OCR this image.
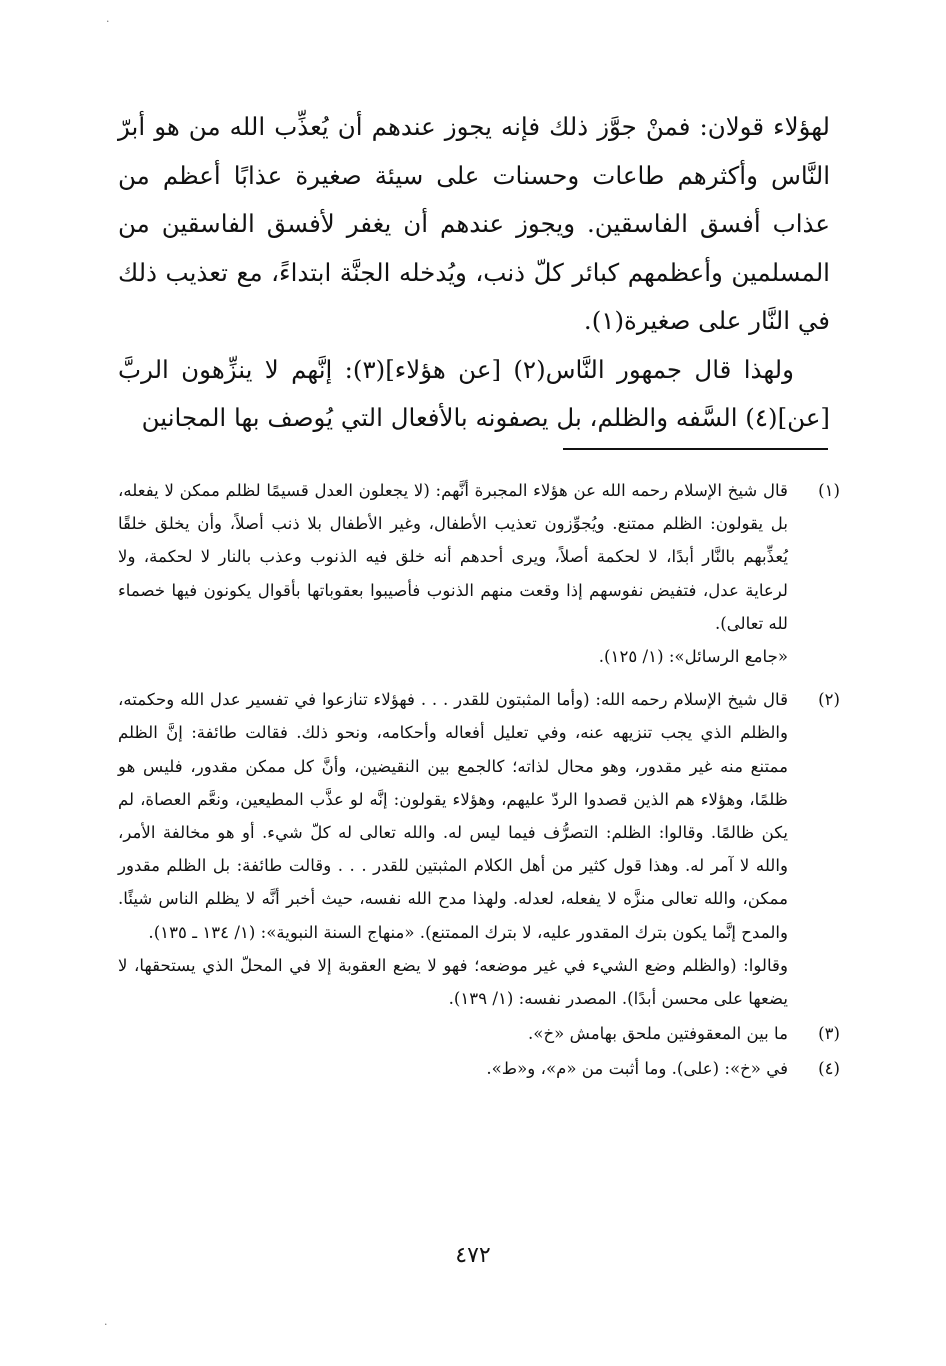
لهؤلاء قولان: فمنْ جوَّز ذلك فإنه يجوز عندهم أن يُعذِّب الله من هو أبرّ النَّاس وأكثرهم طاعات وحسنات على سيئة صغيرة عذابًا أعظم من عذاب أفسق الفاسقين. ويجوز عندهم أن يغفر لأفسق الفاسقين من المسلمين وأعظمهم كبائر كلّ ذنب، ويُدخله الجنَّة ابتداءً، مع تعذيب ذلك في النَّار على صغيرة(١).

ولهذا قال جمهور النَّاس(٢) [عن هؤلاء](٣): إنَّهم لا ينزِّهون الربَّ [عن](٤) السَّفه والظلم، بل يصفونه بالأفعال التي يُوصف بها المجانين

(١)
قال شيخ الإسلام رحمه الله عن هؤلاء المجبرة أنَّهم: (لا يجعلون العدل قسيمًا لظلم ممكن لا يفعله، بل يقولون: الظلم ممتنع. ويُجوِّزون تعذيب الأطفال، وغير الأطفال بلا ذنب أصلاً، وأن يخلق خلقًا يُعذِّبهم بالنَّار أبدًا، لا لحكمة أصلاً، ويرى أحدهم أنه خلق فيه الذنوب وعذب بالنار لا لحكمة، ولا لرعاية عدل، فتفيض نفوسهم إذا وقعت منهم الذنوب فأصيبوا بعقوباتها بأقوال يكونون فيها خصماء لله تعالى).
«جامع الرسائل»: (١/ ١٢٥).
(٢)
قال شيخ الإسلام رحمه الله: (وأما المثبتون للقدر . . . فهؤلاء تنازعوا في تفسير عدل الله وحكمته، والظلم الذي يجب تنزيهه عنه، وفي تعليل أفعاله وأحكامه، ونحو ذلك. فقالت طائفة: إنَّ الظلم ممتنع منه غير مقدور، وهو محال لذاته؛ كالجمع بين النقيضين، وأنَّ كل ممكن مقدور، فليس هو ظلمًا، وهؤلاء هم الذين قصدوا الردّ عليهم، وهؤلاء يقولون: إنَّه لو عذَّب المطيعين، ونعَّم العصاة، لم يكن ظالمًا. وقالوا: الظلم: التصرُّف فيما ليس له. والله تعالى له كلّ شيء. أو هو مخالفة الأمر، والله لا آمر له. وهذا قول كثير من أهل الكلام المثبتين للقدر . . . وقالت طائفة: بل الظلم مقدور ممكن، والله تعالى منزَّه لا يفعله، لعدله. ولهذا مدح الله نفسه، حيث أخبر أنَّه لا يظلم الناس شيئًا. والمدح إنَّما يكون بترك المقدور عليه، لا بترك الممتنع). «منهاج السنة النبوية»: (١/ ١٣٤ ـ ١٣٥).
وقالوا: (والظلم وضع الشيء في غير موضعه؛ فهو لا يضع العقوبة إلا في المحلّ الذي يستحقها، لا يضعها على محسن أبدًا). المصدر نفسه: (١/ ١٣٩).
(٣)
ما بين المعقوفتين ملحق بهامش «خ».
(٤)
في «خ»: (على). وما أثبت من «م»، و«ط».
٤٧٢
·
·
